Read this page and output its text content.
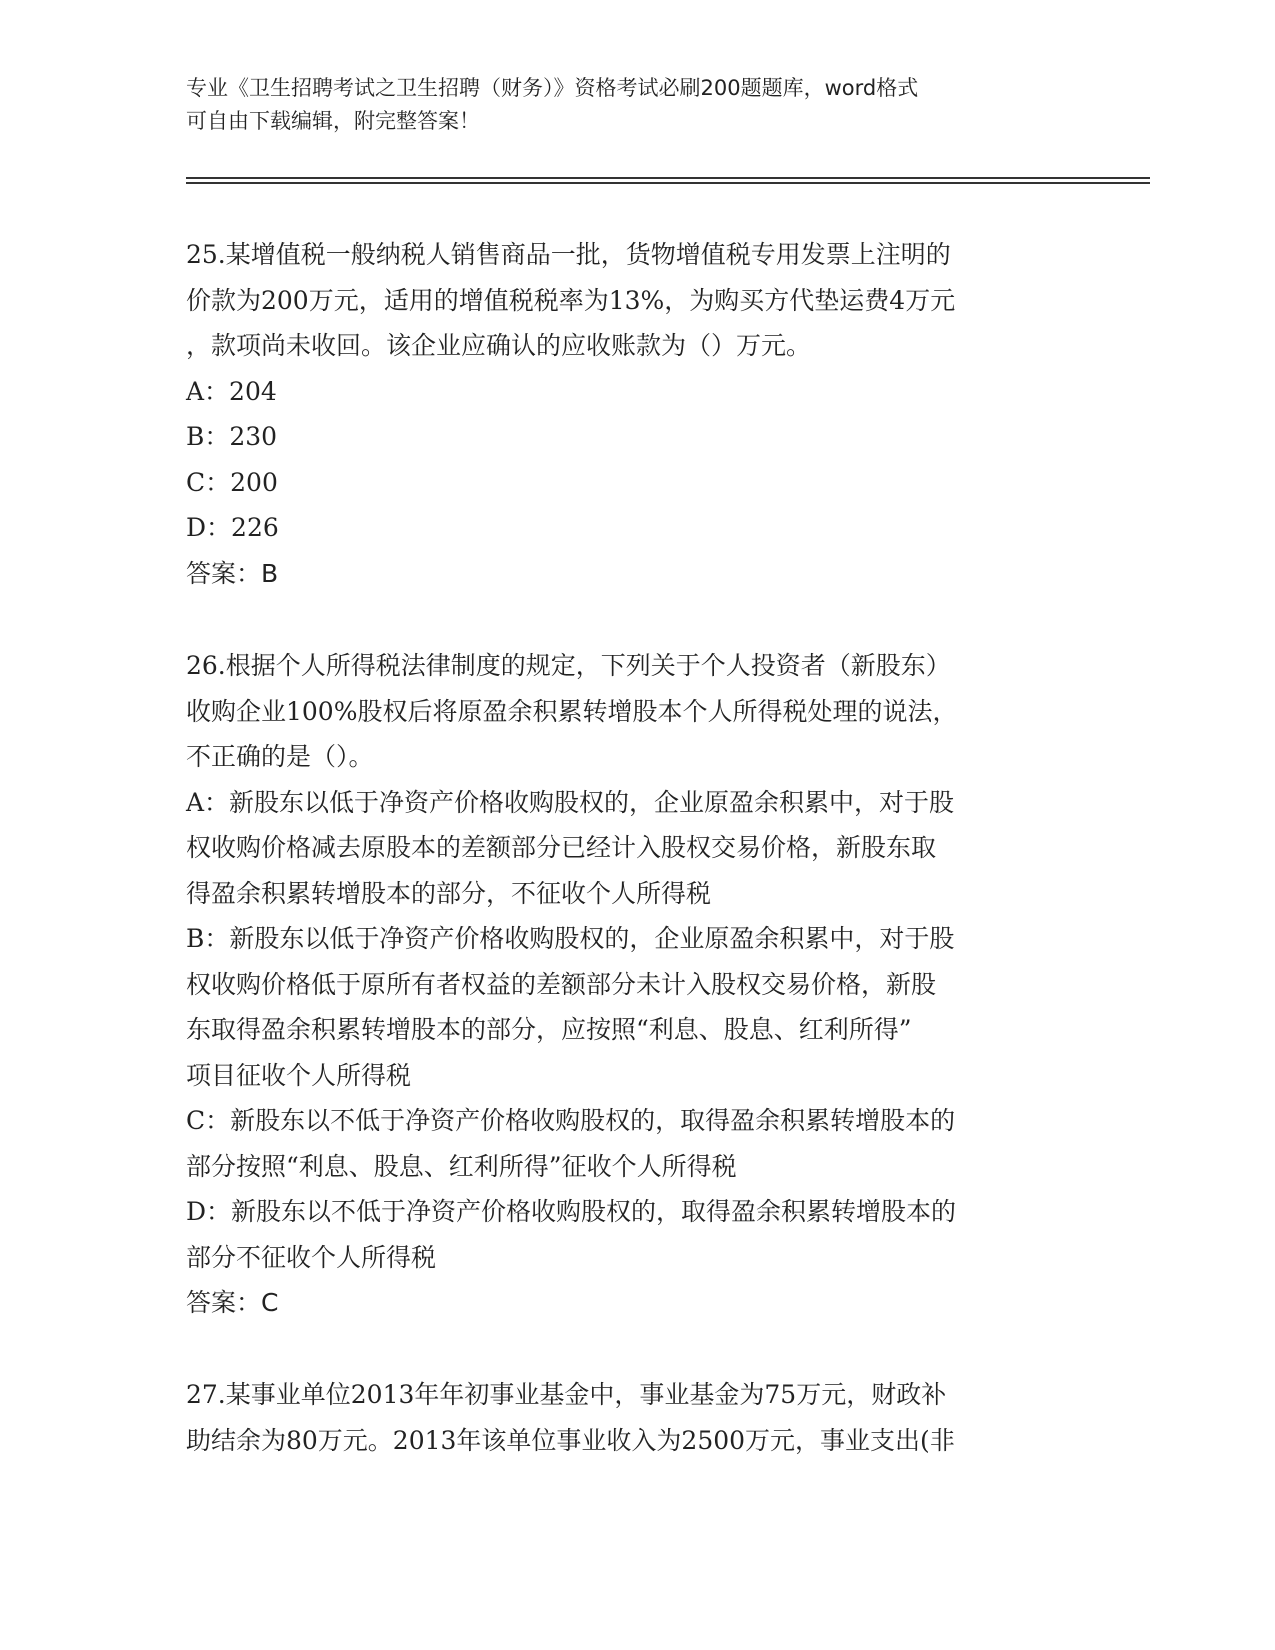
专业《卫生招聘考试之卫生招聘（财务）》资格考试必刷200题题库，word格式
可自由下载编辑，附完整答案！
25.某增值税一般纳税人销售商品一批，货物增值税专用发票上注明的
价款为200万元，适用的增值税税率为13%，为购买方代垫运费4万元
，款项尚未收回。该企业应确认的应收账款为（）万元。
A：204
B：230
C：200
D：226
答案：B
26.根据个人所得税法律制度的规定，下列关于个人投资者（新股东）
收购企业100%股权后将原盈余积累转增股本个人所得税处理的说法，
不正确的是（）。
A：新股东以低于净资产价格收购股权的，企业原盈余积累中，对于股
权收购价格减去原股本的差额部分已经计入股权交易价格，新股东取
得盈余积累转增股本的部分，不征收个人所得税
B：新股东以低于净资产价格收购股权的，企业原盈余积累中，对于股
权收购价格低于原所有者权益的差额部分未计入股权交易价格，新股
东取得盈余积累转增股本的部分，应按照“利息、股息、红利所得”
项目征收个人所得税
C：新股东以不低于净资产价格收购股权的，取得盈余积累转增股本的
部分按照“利息、股息、红利所得”征收个人所得税
D：新股东以不低于净资产价格收购股权的，取得盈余积累转增股本的
部分不征收个人所得税
答案：C
27.某事业单位2013年年初事业基金中，事业基金为75万元，财政补
助结余为80万元。2013年该单位事业收入为2500万元，事业支出(非
